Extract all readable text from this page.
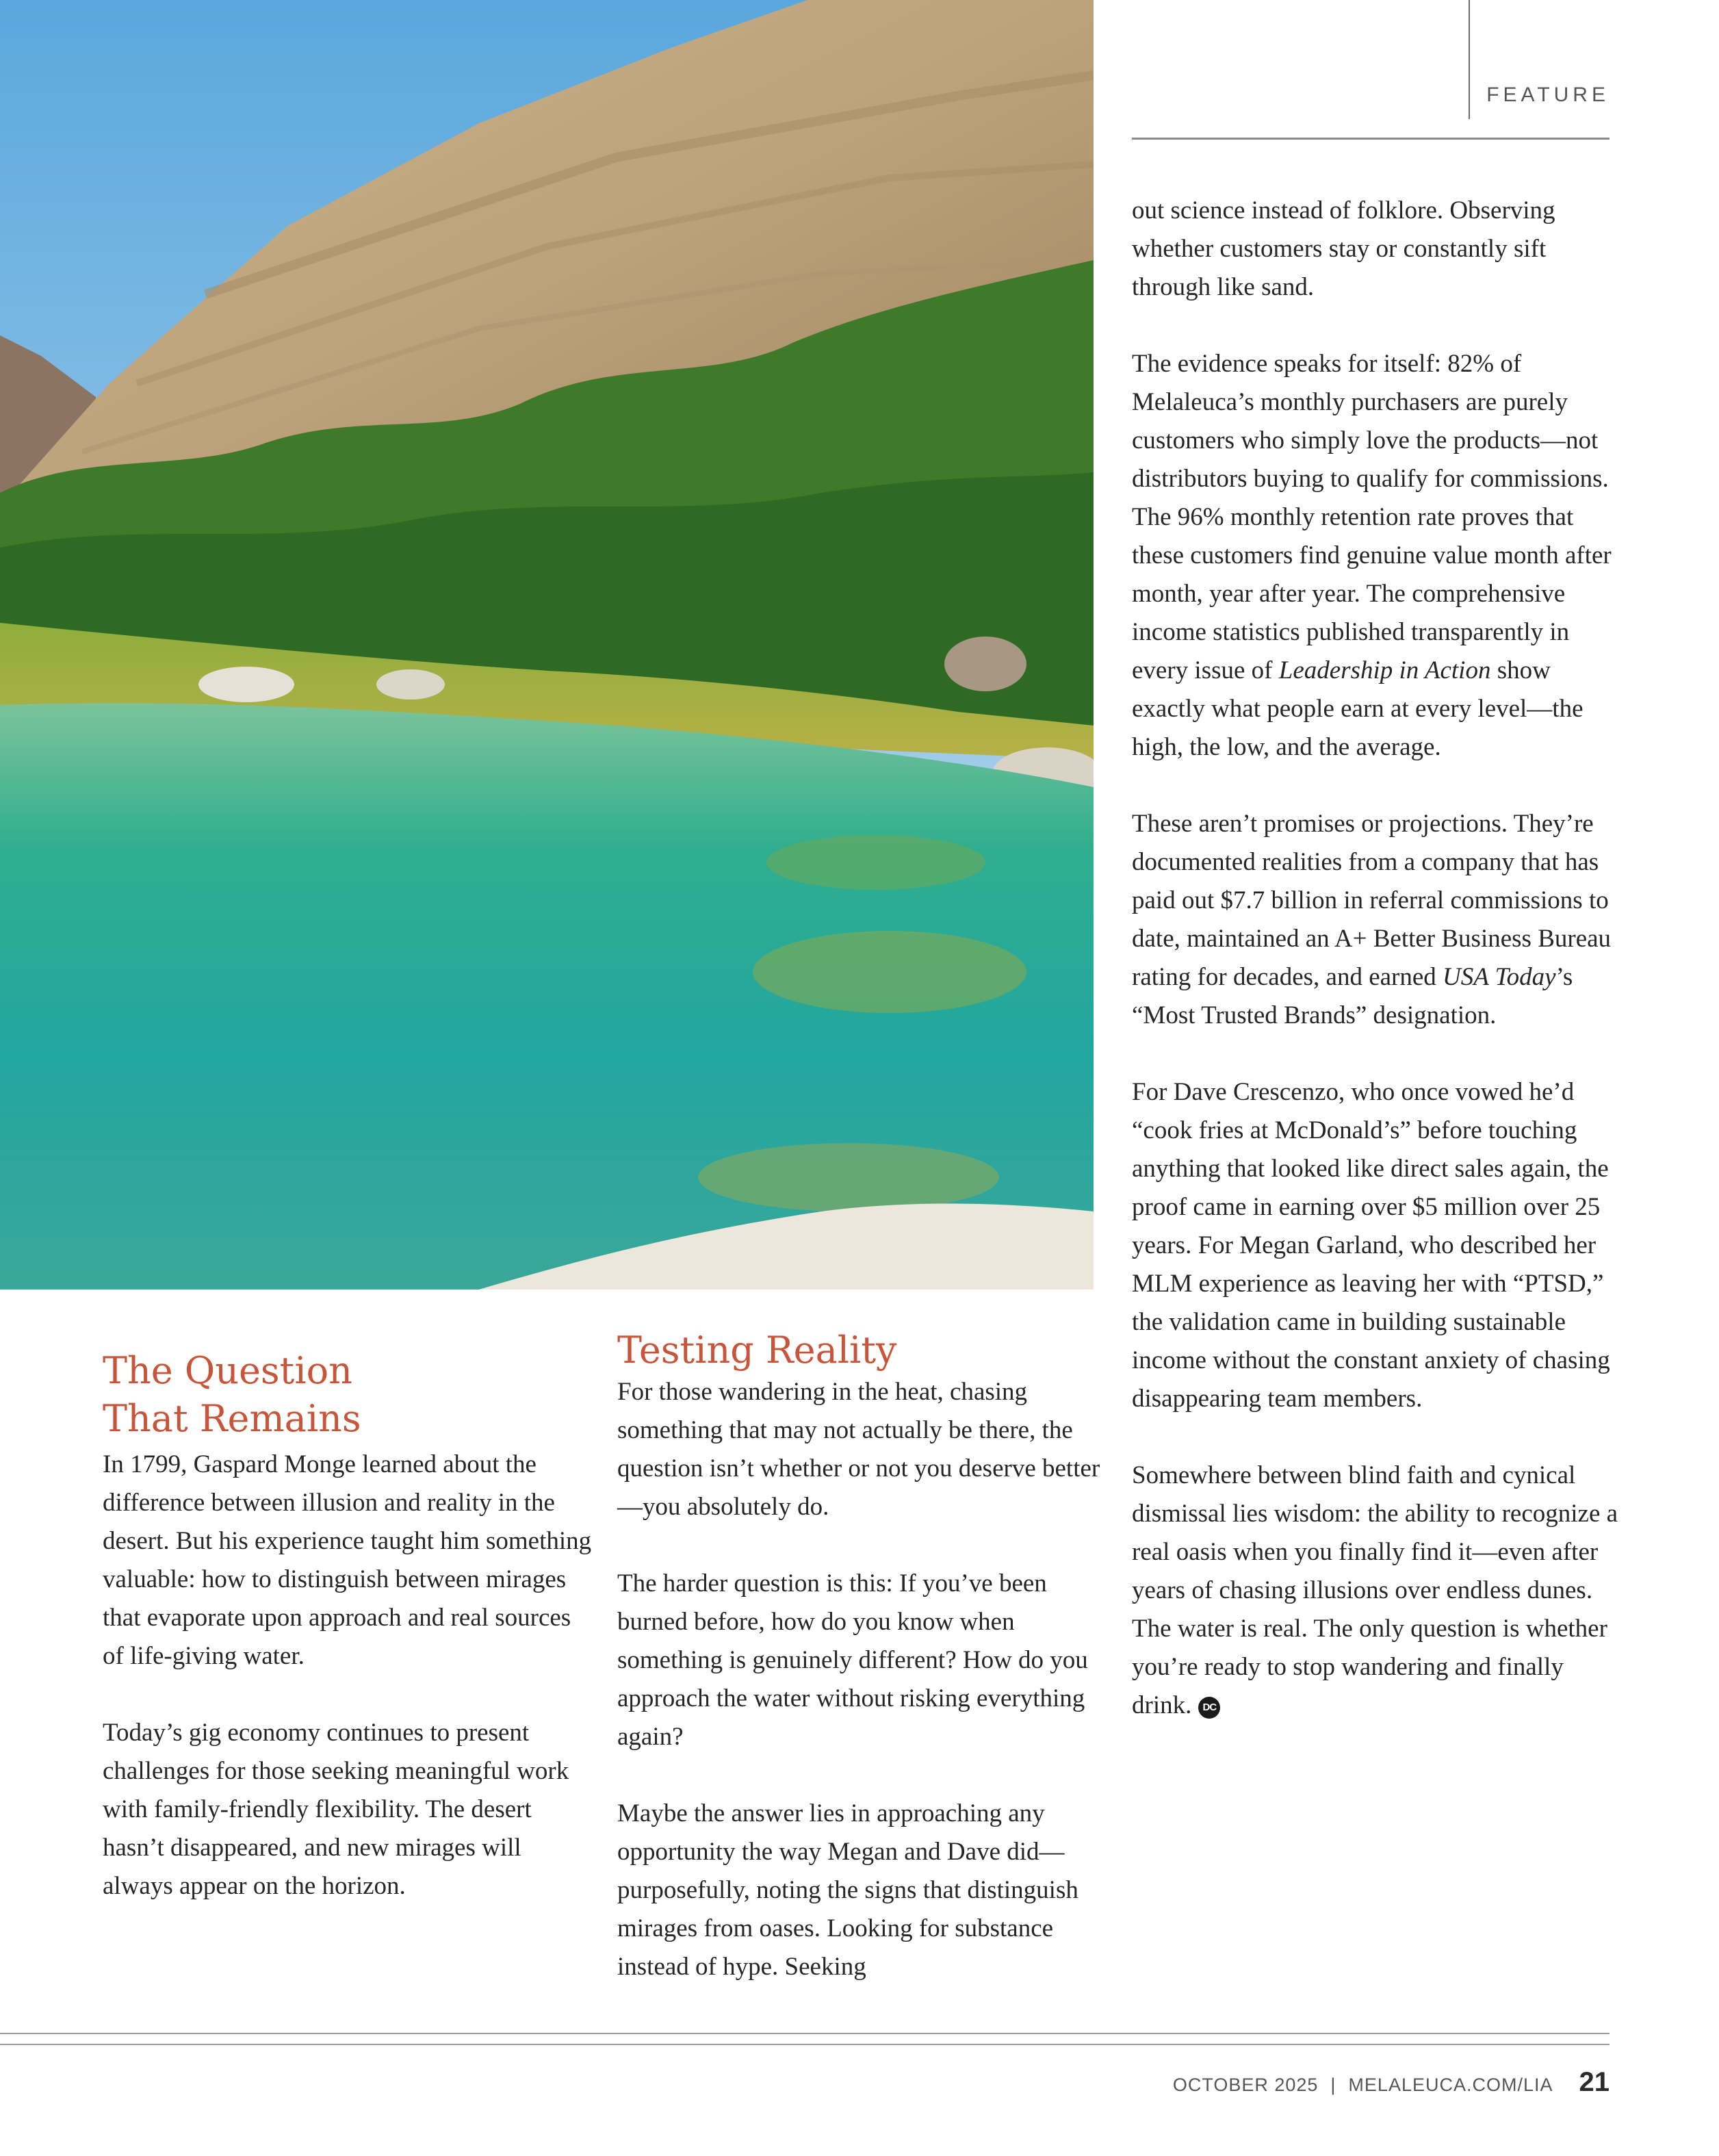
FEATURE
The Question
That Remains

In 1799, Gaspard Monge learned about the difference between illusion and reality in the desert. But his experience taught him something valuable: how to distinguish between mirages that evaporate upon approach and real sources of life-giving water.

Today’s gig economy continues to present challenges for those seeking meaningful work with family-friendly flexibility. The desert hasn’t disappeared, and new mirages will always appear on the horizon.

Testing Reality

For those wandering in the heat, chasing something that may not actually be there, the question isn’t whether or not you deserve better—you absolutely do.

The harder question is this: If you’ve been burned before, how do you know when something is genuinely different? How do you approach the water without risking everything again?

Maybe the answer lies in approaching any opportunity the way Megan and Dave did—purposefully, noting the signs that distinguish mirages from oases. Looking for substance instead of hype. Seeking

out science instead of folklore. Observing whether customers stay or constantly sift through like sand.

The evidence speaks for itself: 82% of Melaleuca’s monthly purchasers are purely customers who simply love the products—not distributors buying to qualify for commissions. The 96% monthly retention rate proves that these customers find genuine value month after month, year after year. The comprehensive income statistics published transparently in every issue of Leadership in Action show exactly what people earn at every level—the high, the low, and the average.

These aren’t promises or projections. They’re documented realities from a company that has paid out $7.7 billion in referral commissions to date, maintained an A+ Better Business Bureau rating for decades, and earned USA Today’s “Most Trusted Brands” designation.

For Dave Crescenzo, who once vowed he’d “cook fries at McDonald’s” before touching anything that looked like direct sales again, the proof came in earning over $5 million over 25 years. For Megan Garland, who described her MLM experience as leaving her with “PTSD,” the validation came in building sustainable income without the constant anxiety of chasing disappearing team members.

Somewhere between blind faith and cynical dismissal lies wisdom: the ability to recognize a real oasis when you finally find it—even after years of chasing illusions over endless dunes. The water is real. The only question is whether you’re ready to stop wandering and finally drink. DC

OCTOBER 2025 | MELALEUCA.COM/LIA 21
